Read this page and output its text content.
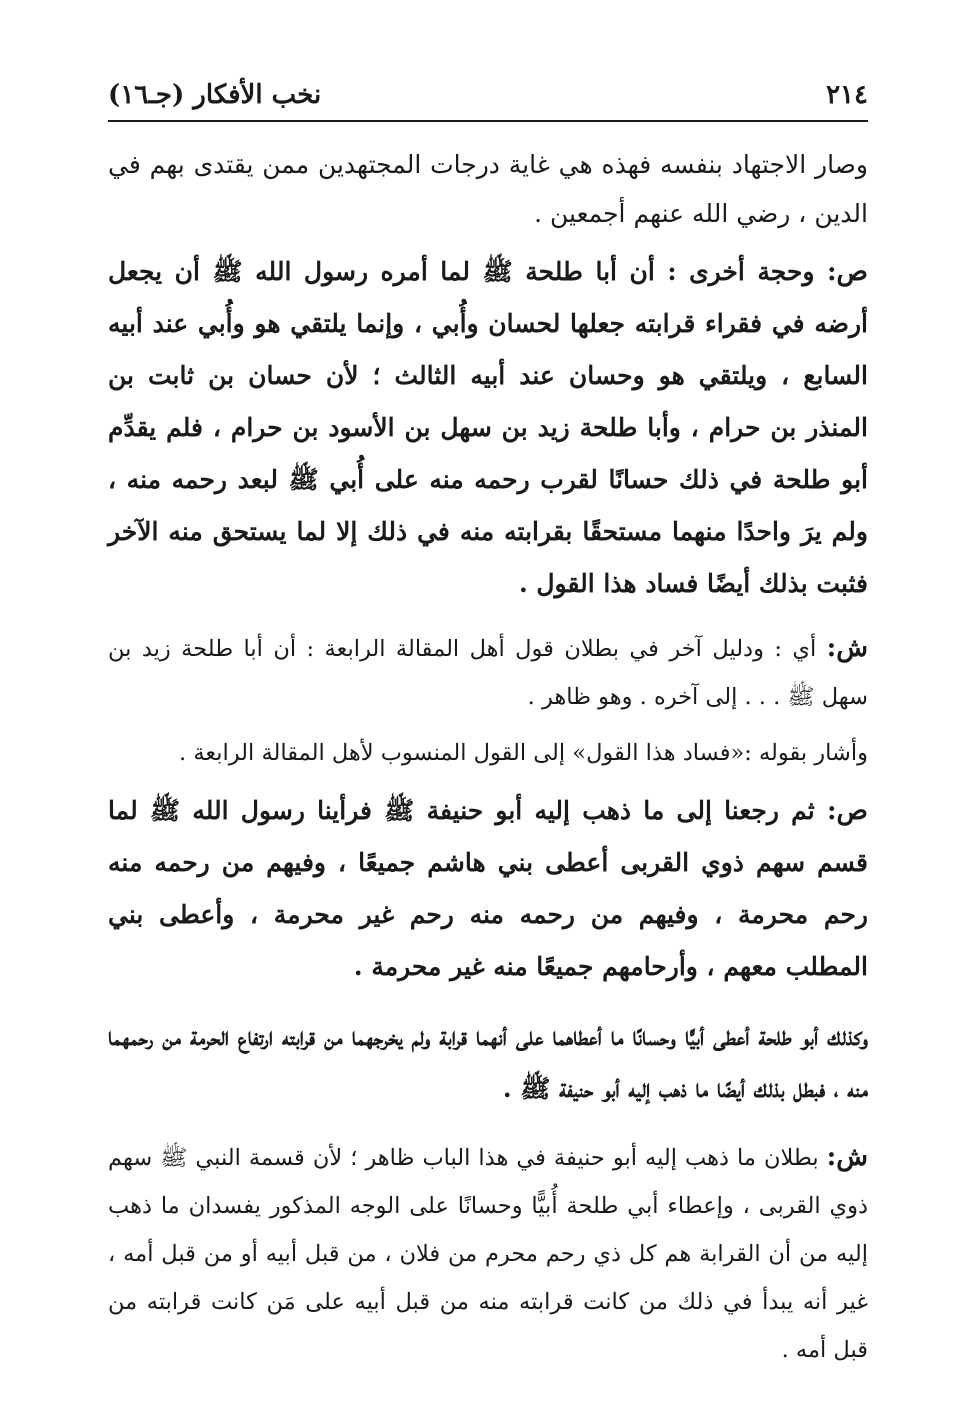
٢١٤
نخب الأفكار (جـ١٦)

وصار الاجتهاد بنفسه فهذه هي غاية درجات المجتهدين ممن يقتدى بهم في الدين ، رضي الله عنهم أجمعين .

ص: وحجة أخرى : أن أبا طلحة ﷺ لما أمره رسول الله ﷺ أن يجعل أرضه في فقراء قرابته جعلها لحسان وأُبي ، وإنما يلتقي هو وأُبي عند أبيه السابع ، ويلتقي هو وحسان عند أبيه الثالث ؛ لأن حسان بن ثابت بن المنذر بن حرام ، وأبا طلحة زيد بن سهل بن الأسود بن حرام ، فلم يقدِّم أبو طلحة في ذلك حسانًا لقرب رحمه منه على أُبي ﷺ لبعد رحمه منه ، ولم يرَ واحدًا منهما مستحقًا بقرابته منه في ذلك إلا لما يستحق منه الآخر فثبت بذلك أيضًا فساد هذا القول .

ش: أي : ودليل آخر في بطلان قول أهل المقالة الرابعة : أن أبا طلحة زيد بن سهل ﷺ . . . إلى آخره . وهو ظاهر .

وأشار بقوله :«فساد هذا القول» إلى القول المنسوب لأهل المقالة الرابعة .

ص: ثم رجعنا إلى ما ذهب إليه أبو حنيفة ﷺ فرأينا رسول الله ﷺ لما قسم سهم ذوي القربى أعطى بني هاشم جميعًا ، وفيهم من رحمه منه رحم محرمة ، وفيهم من رحمه منه رحم غير محرمة ، وأعطى بني المطلب معهم ، وأرحامهم جميعًا منه غير محرمة .

وكذلك أبو طلحة أعطى أبيًّا وحسانًا ما أعطاهما على أنهما قرابة ولم يخرجهما من قرابته ارتفاع الحرمة من رحمهما منه ، فبطل بذلك أيضًا ما ذهب إليه أبو حنيفة ﷺ .

ش: بطلان ما ذهب إليه أبو حنيفة في هذا الباب ظاهر ؛ لأن قسمة النبي ﷺ سهم ذوي القربى ، وإعطاء أبي طلحة أُبيًّا وحسانًا على الوجه المذكور يفسدان ما ذهب إليه من أن القرابة هم كل ذي رحم محرم من فلان ، من قبل أبيه أو من قبل أمه ، غير أنه يبدأ في ذلك من كانت قرابته منه من قبل أبيه على مَن كانت قرابته من قبل أمه .
